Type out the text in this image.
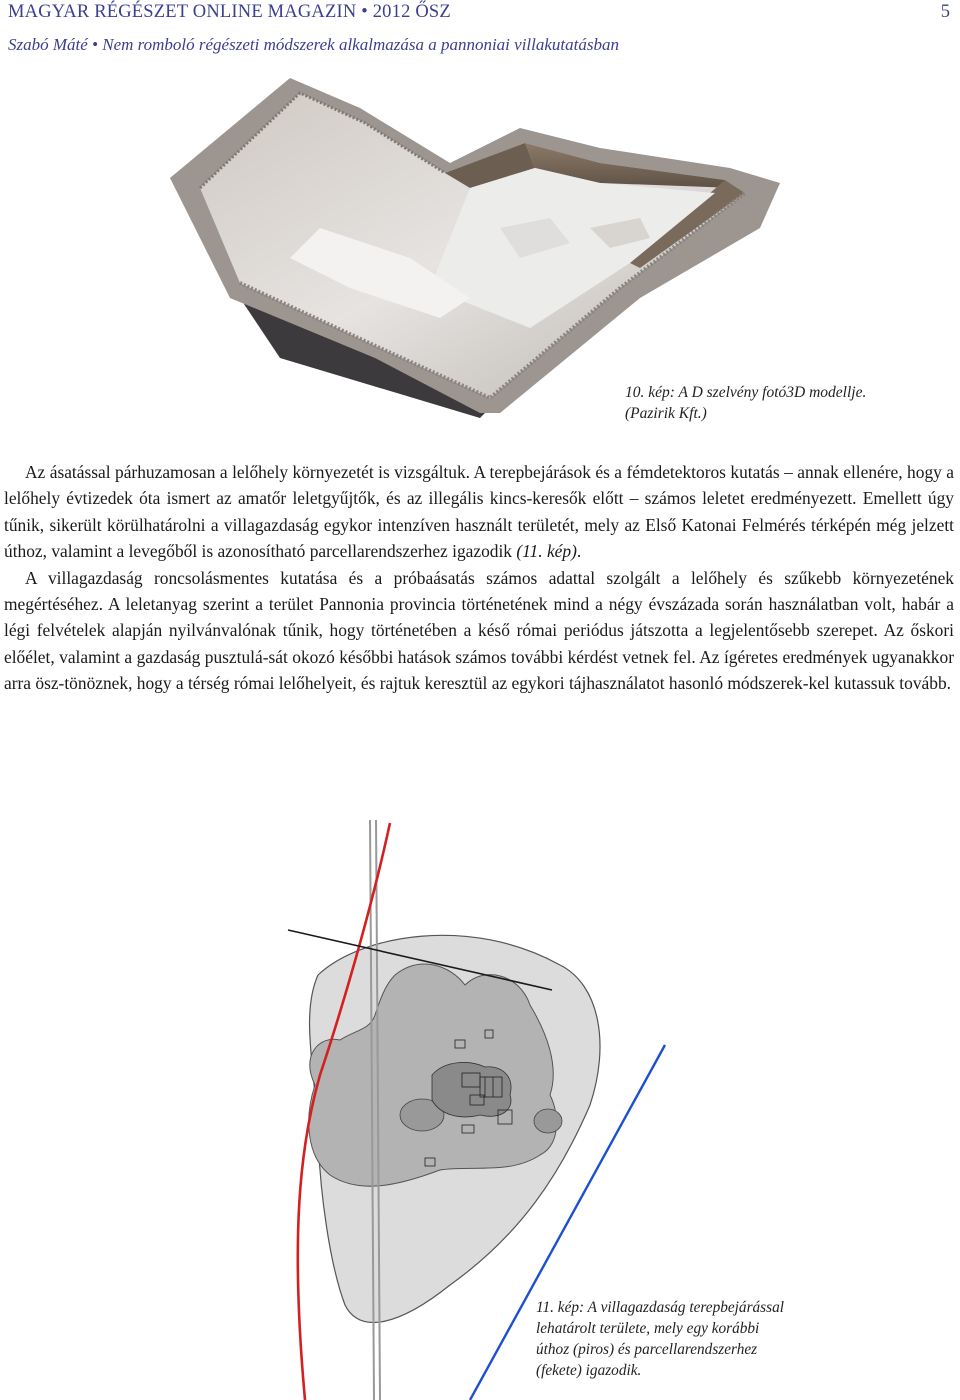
MAGYAR RÉGÉSZET ONLINE MAGAZIN • 2012 ŐSZ	5
Szabó Máté • Nem romboló régészeti módszerek alkalmazása a pannoniai villakutatásban
10. kép: A D szelvény fotó3D modellje.
(Pazirik Kft.)

Az ásatással párhuzamosan a lelőhely környezetét is vizsgáltuk. A terepbejárások és a fémdetektoros kutatás – annak ellenére, hogy a lelőhely évtizedek óta ismert az amatőr leletgyűjtők, és az illegális kincs-keresők előtt – számos leletet eredményezett. Emellett úgy tűnik, sikerült körülhatárolni a villagazdaság egykor intenzíven használt területét, mely az Első Katonai Felmérés térképén még jelzett úthoz, valamint a levegőből is azonosítható parcellarendszerhez igazodik (11. kép).

A villagazdaság roncsolásmentes kutatása és a próbaásatás számos adattal szolgált a lelőhely és szűkebb környezetének megértéséhez. A leletanyag szerint a terület Pannonia provincia történetének mind a négy évszázada során használatban volt, habár a légi felvételek alapján nyilvánvalónak tűnik, hogy történetében a késő római periódus játszotta a legjelentősebb szerepet. Az őskori előélet, valamint a gazdaság pusztulá-sát okozó későbbi hatások számos további kérdést vetnek fel. Az ígéretes eredmények ugyanakkor arra ösz-tönöznek, hogy a térség római lelőhelyeit, és rajtuk keresztül az egykori tájhasználatot hasonló módszerek-kel kutassuk tovább.

11. kép: A villagazdaság terepbejárással
lehatárolt területe, mely egy korábbi
úthoz (piros) és parcellarendszerhez
(fekete) igazodik.
